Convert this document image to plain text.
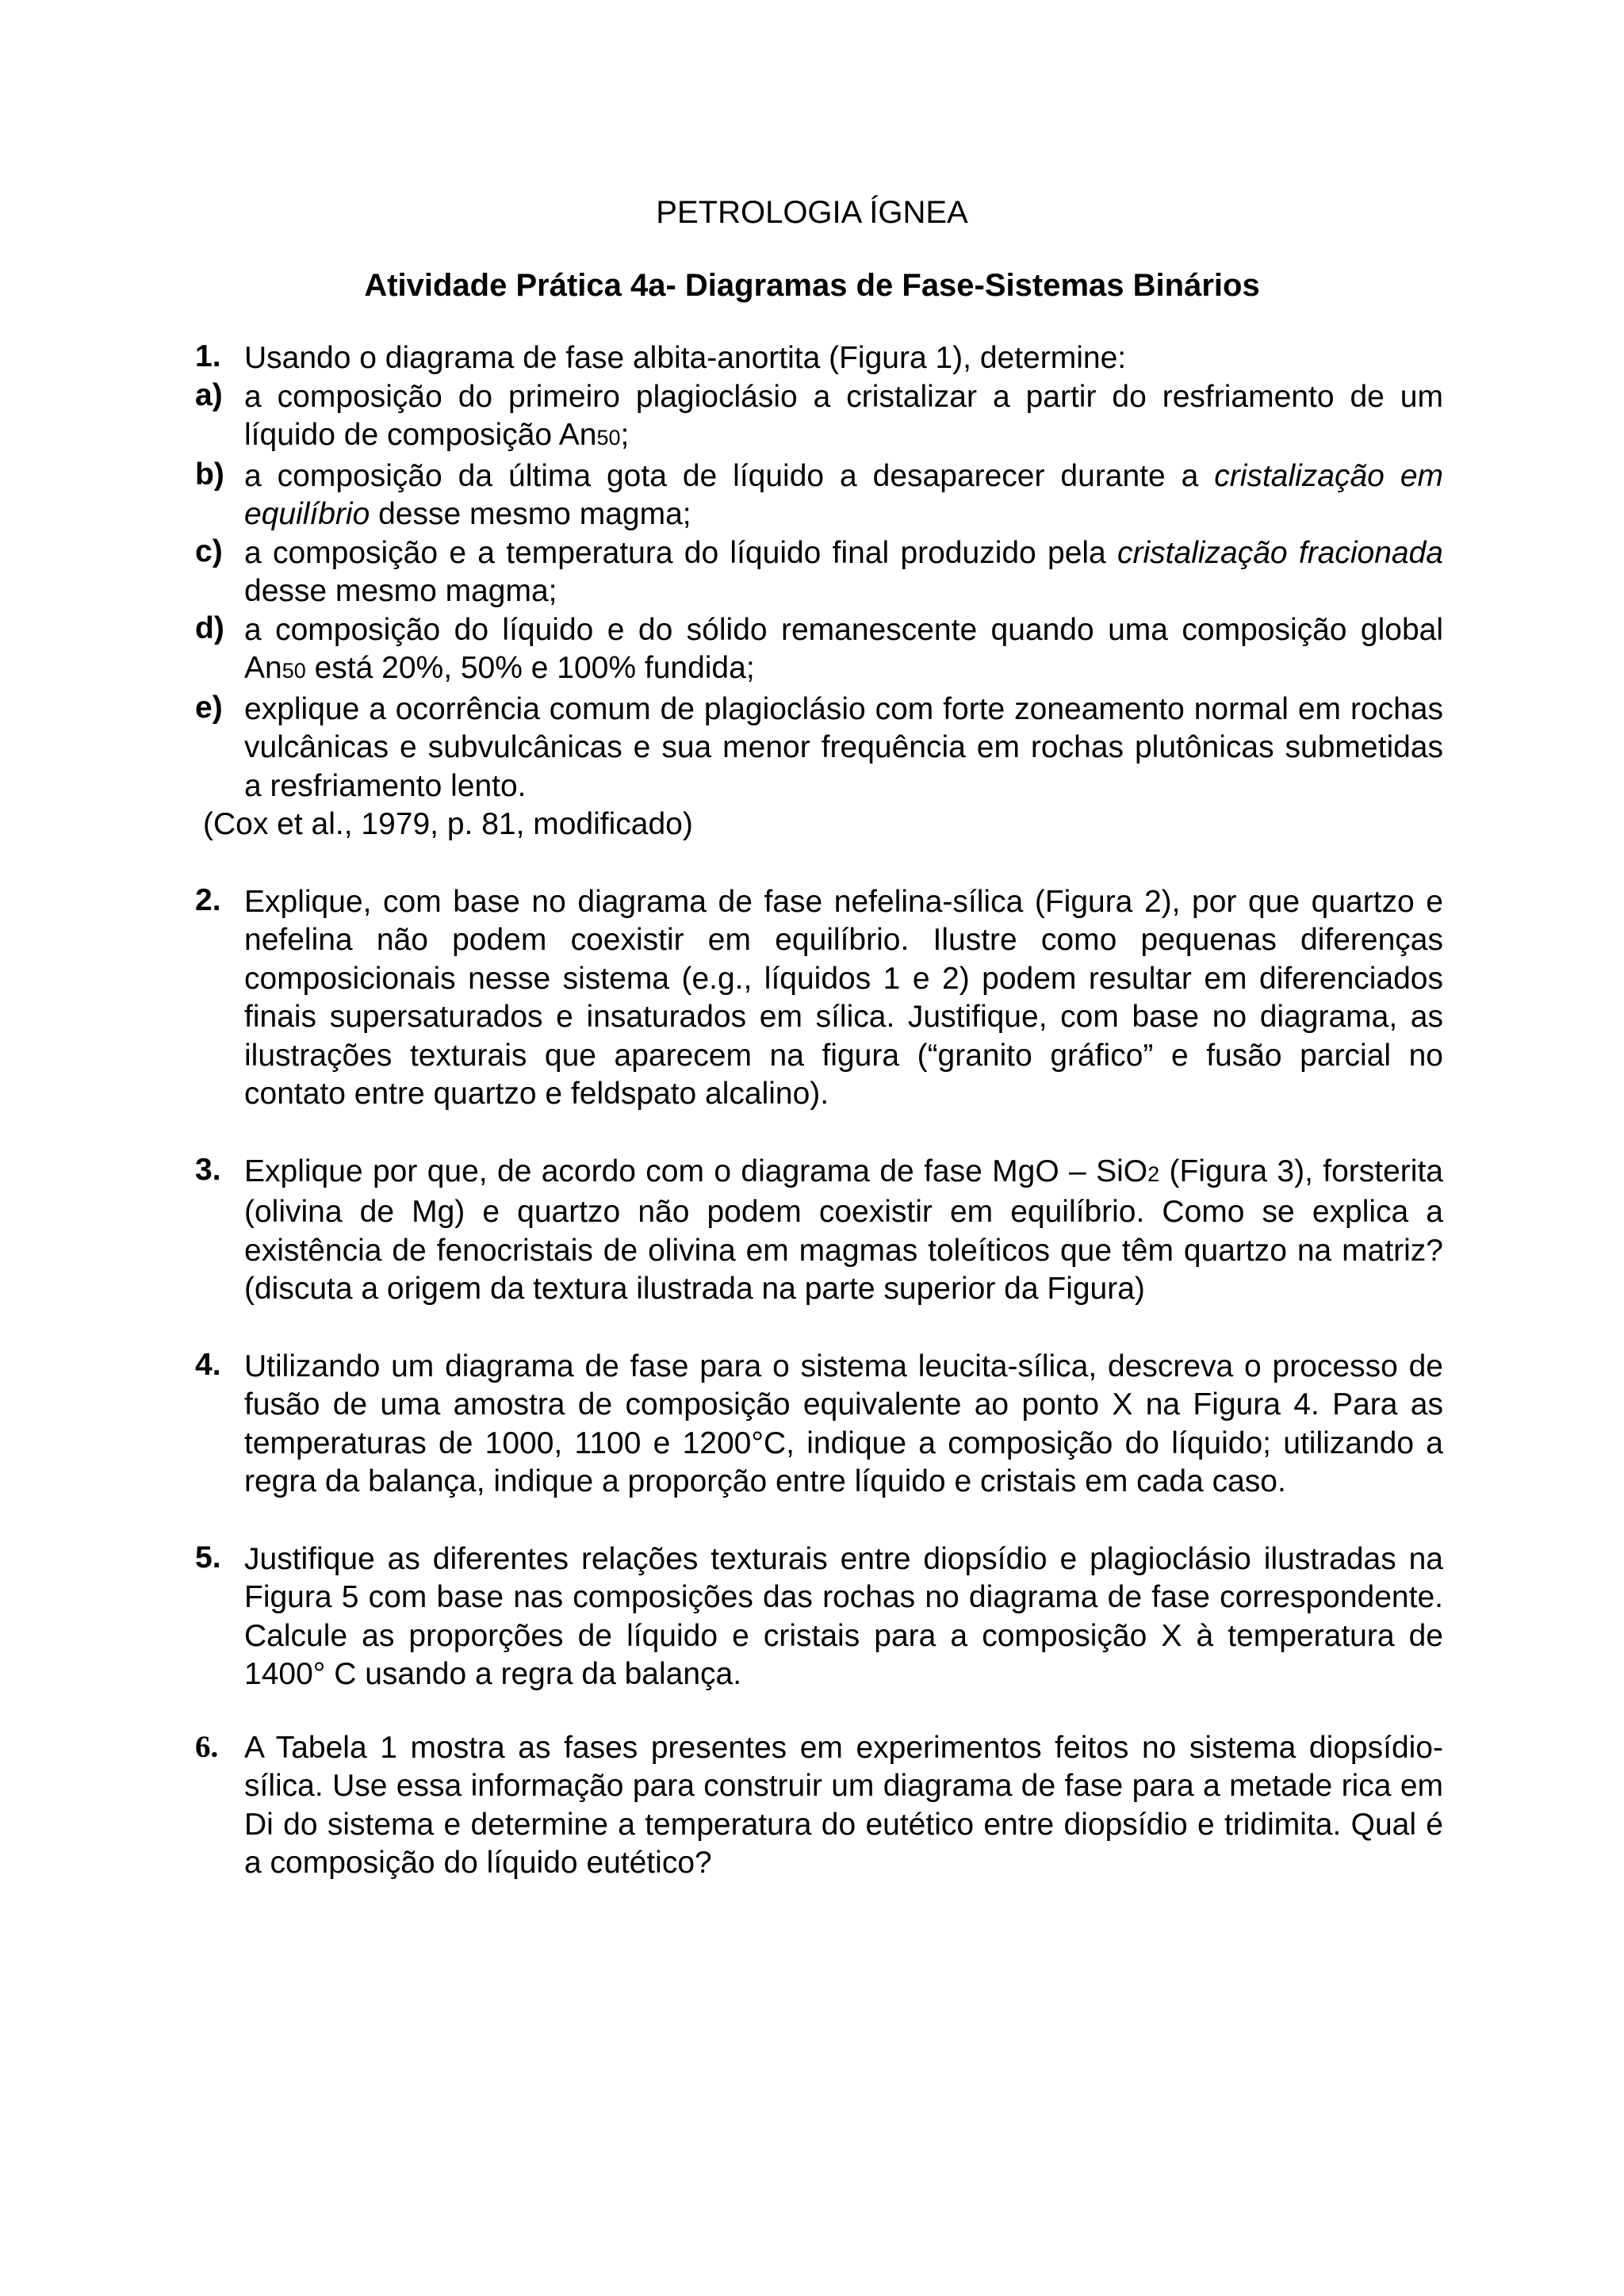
PETROLOGIA ÍGNEA
Atividade Prática 4a- Diagramas de Fase-Sistemas Binários
1. Usando o diagrama de fase albita-anortita (Figura 1), determine:
a) a composição do primeiro plagioclásio a cristalizar a partir do resfriamento de um líquido de composição An50;
b) a composição da última gota de líquido a desaparecer durante a cristalização em equilíbrio desse mesmo magma;
c) a composição e a temperatura do líquido final produzido pela cristalização fracionada desse mesmo magma;
d) a composição do líquido e do sólido remanescente quando uma composição global An50 está 20%, 50% e 100% fundida;
e) explique a ocorrência comum de plagioclásio com forte zoneamento normal em rochas vulcânicas e subvulcânicas e sua menor frequência em rochas plutônicas submetidas a resfriamento lento.
(Cox et al., 1979, p. 81, modificado)
2. Explique, com base no diagrama de fase nefelina-sílica (Figura 2), por que quartzo e nefelina não podem coexistir em equilíbrio. Ilustre como pequenas diferenças composicionais nesse sistema (e.g., líquidos 1 e 2) podem resultar em diferenciados finais supersaturados e insaturados em sílica. Justifique, com base no diagrama, as ilustrações texturais que aparecem na figura (“granito gráfico” e fusão parcial no contato entre quartzo e feldspato alcalino).
3. Explique por que, de acordo com o diagrama de fase MgO – SiO2 (Figura 3), forsterita (olivina de Mg) e quartzo não podem coexistir em equilíbrio. Como se explica a existência de fenocristais de olivina em magmas toleíticos que têm quartzo na matriz? (discuta a origem da textura ilustrada na parte superior da Figura)
4. Utilizando um diagrama de fase para o sistema leucita-sílica, descreva o processo de fusão de uma amostra de composição equivalente ao ponto X na Figura 4. Para as temperaturas de 1000, 1100 e 1200°C, indique a composição do líquido; utilizando a regra da balança, indique a proporção entre líquido e cristais em cada caso.
5. Justifique as diferentes relações texturais entre diopsídio e plagioclásio ilustradas na Figura 5 com base nas composições das rochas no diagrama de fase correspondente. Calcule as proporções de líquido e cristais para a composição X à temperatura de 1400° C usando a regra da balança.
6. A Tabela 1 mostra as fases presentes em experimentos feitos no sistema diopsídio-sílica. Use essa informação para construir um diagrama de fase para a metade rica em Di do sistema e determine a temperatura do eutético entre diopsídio e tridimita. Qual é a composição do líquido eutético?
